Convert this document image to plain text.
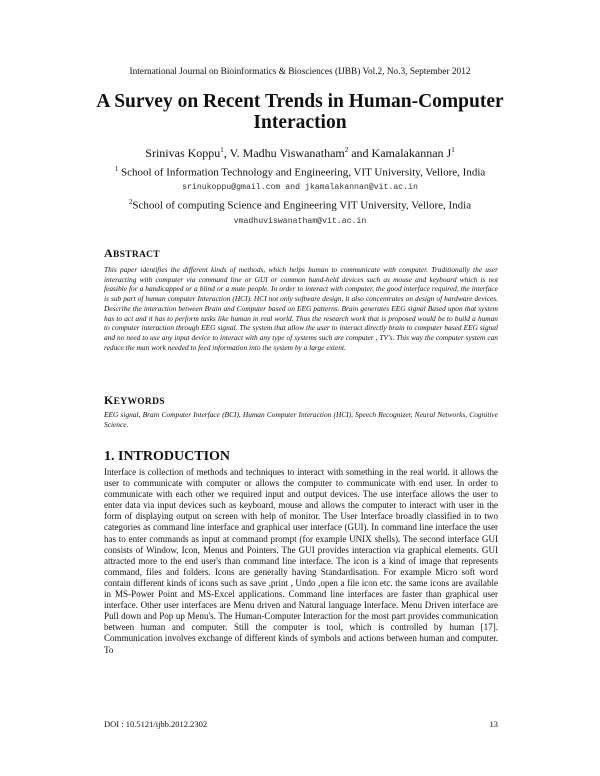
International Journal on Bioinformatics & Biosciences (IJBB) Vol.2, No.3, September 2012
A Survey on Recent Trends in Human-Computer Interaction
Srinivas Koppu$^1$, V. Madhu Viswanatham$^2$ and Kamalakannan $J^1$
$^1$ School of Information Technology and Engineering, VIT University, Vellore, India
srinukoppu@gmail.com and jkamalakannan@vit.ac.in
$^2$School of computing Science and Engineering VIT University, Vellore, India
vmadhuviswanatham@vit.ac.in
ABSTRACT
This paper identifies the different kinds of methods, which helps human to communicate with computer. Traditionally the user interacting with computer via command line or GUI or common hand-held devices such as mouse and keyboard which is not feasible for a handicapped or a blind or a mute people. In order to interact with computer, the good interface required, the interface is sub part of human computer Interaction (HCI). HCI not only software design, it also concentrates on design of hardware devices. Describe the interaction between Brain and Computer based on EEG patterns. Brain generates EEG signal Based upon that system has to act and it has to perform tasks like human in real world. Thus the research work that is proposed would be to build a human to computer interaction through EEG signal. The system that allow the user to interact directly brain to computer based EEG signal and no need to use any input device to interact with any type of systems such are computer , TV's. This way the computer system can reduce the man work needed to feed information into the system by a large extent.
KEYWORDS
EEG signal, Brain Computer Interface (BCI), Human Computer Interaction (HCI), Speech Recognizer, Neural Networks, Cognitive Science.
1. INTRODUCTION

Interface is collection of methods and techniques to interact with something in the real world. it allows the user to communicate with computer or allows the computer to communicate with end user. In order to communicate with each other we required input and output devices. The use interface allows the user to enter data via input devices such as keyboard, mouse and allows the computer to interact with user in the form of displaying output on screen with help of monitor. The User Interface broadly classified in to two categories as command line interface and graphical user interface (GUI). In command line interface the user has to enter commands as input at command prompt (for example UNIX shells). The second interface GUI consists of Window, Icon, Menus and Pointers. The GUI provides interaction via graphical elements. GUI attracted more to the end user's than command line interface. The icon is a kind of image that represents command, files and folders. Icons are generally having Standardisation. For example Micro soft word contain different kinds of icons such as save ,print , Undo ,open a file icon etc. the same icons are available in MS-Power Point and MS-Excel applications. Command line interfaces are faster than graphical user interface. Other user interfaces are Menu driven and Natural language Interface. Menu Driven interface are Pull down and Pop up Menu's. The Human-Computer Interaction for the most part provides communication between human and computer. Still the computer is tool, which is controlled by human [17]. Communication involves exchange of different kinds of symbols and actions between human and computer. To

DOI : 10.5121/ijbb.2012.2302	13
